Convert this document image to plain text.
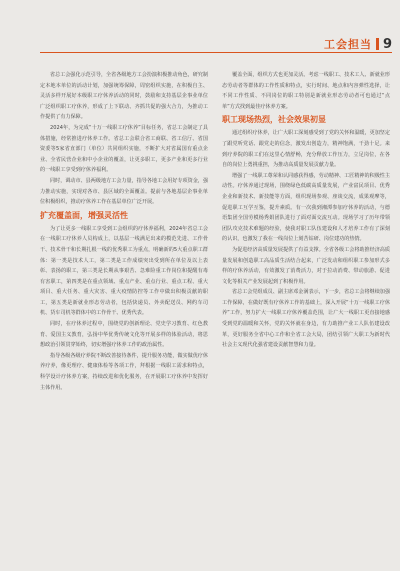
工会担当 9

省总工会强化示范引导，全省各级地方工会扮演积极推动角色，研究制定本地本单位的活动计划，加强统筹保障，周密组织实施，在积极自主、灵活多样开展好本级职工疗休养活动的同时，鼓励和支持基层企事业单位广泛组织职工疗休养，形成了上下联动、齐抓共促的强大合力，为推动工作提供了有力保障。

2024年，为完成“十万一线职工疗休养”目标任务，省总工会制定了具体措施，经常推进疗休养工作。省总工会联合省工商联、省工信厅、省国资委等5家省直部门（单位）共同组织实施，不断扩大对省属国有重点企业、全省民营企业和中小企业的覆盖，让更多职工，更多产业和更多行业的一线职工享受到疗休养福利。

同时，调动市、县两级地方工会力量，指导各地工会用好专项资金，强力推动实施，实现对各市、县区域的全面覆盖。提前与各地基层企事业单位积极组织，推动疗休养工作在基层单位广泛开展。

扩充覆盖面，增强灵活性

为了让更多一线职工享受到工会组织的疗休养福利，2024年省总工会在一线职工疗休养人员构成上，以基层一线满足出来的模范先进、工作骨干、技术骨干和长期扎根一线的优秀职工为重点，明确新的5大重点职工群体：第一类是技术人工，第二类是工作成绩突出受到所在单位及以上表彰、表扬的职工，第三类是长期从事艰苦、急难险重工作岗位和提醒有毒有害职工，第四类是在重点领域、重点产业、重点行业、重点工程、重大项目、重大任务、重大灾害、重大疫情防控等工作中做出积极贡献的职工，第五类是新就业形态劳动者，包括快递员、外卖配送员、网约车司机、货车司机等群体中的工作骨干、优秀代表。

同时，在疗休养过程中，围绕党的创新理论、党史学习教育、红色教育、爱国主义教育，弘扬中华优秀传统文化等开展多样的体验活动，将思想政治引领贯穿始终，切实增强疗休养工作的政治属性。

指导各级各级疗养院不断改善接待条件，提升服务功能，做实做优疗休养疗养，像更理疗、健康体检等各项工作，拜根据一线职工需求和特点，科学设计疗休养方案，持续改进和优化服务，在开展职工疗休养中发挥好主体作用。

覆盖全面，组织方式也更加灵活。考虑一线职工、技术工人、新就业形态劳动者等群体的工作性质和特点，实行时间、地点和内容弹性选择，让不同工作性质、不同岗位的职工特别是新就业形态劳动者可也通过“点单”方式找到最佳疗休养方案。

职工现场热烈，社会效果初显

通过组织疗休养，让广大职工深刻感受到了党的关怀和温暖，更加坚定了跟党听党话、跟党走的信念，激发出创造力，精神饱满，干劲十足。来到疗养院的职工们在这里心情舒畅，充分释放工作压力，立足岗位，在各自的岗位上勇挑重担，为推动高质量发展贡献力量。

增强了一线职工尊荣和认同感获得感，劳动精神、工匠精神的积极性主动性。疗休养通过现场，围绕绿色低碳高质量发展，产业富民项目、优秀企业和新技术、新技能等方面，组织现场参观、座谈交流，成果观摩等，促进职工互学互鉴，提升素质。有一次我到湘潭参加疗休养的活动，与德语集团全国劳模杨秀娟团队进行了面对面交流互动。现场学习了历年带领团队攻克技术难题的经验，使我对职工队伍建设和人才培养工作有了深刻的认识，也激发了我在一线岗位上刻苦钻研、岗位建功的热情。

为促进经济高质量发展提供了有益支撑。全省各级工会将助推经济高质量发展和创造职工高品质生活结合起来，广泛发动和组织职工参加形式多样的疗休养活动，有效激发了消费活力，对于拉动消费、带动旅游、促进文化等相关产业发展起到了积极作用。

省总工会党组成员、副主席邓金满表示，下一步，省总工会将继续加强工作保障，在做好既有疗休养工作的基础上，深入开展“十万一线职工疗休养”工作，努力扩大一线职工疗休养覆盖范围，让广大一线职工更直接地感受到党的温暖和关怀，党的关怀就在身边，有力助推产业工人队伍建设改革，更好服务全省中心工作和全省工会大局，团结引领广大职工为新时代社会主义现代化强省建设贡献智慧和力量。
